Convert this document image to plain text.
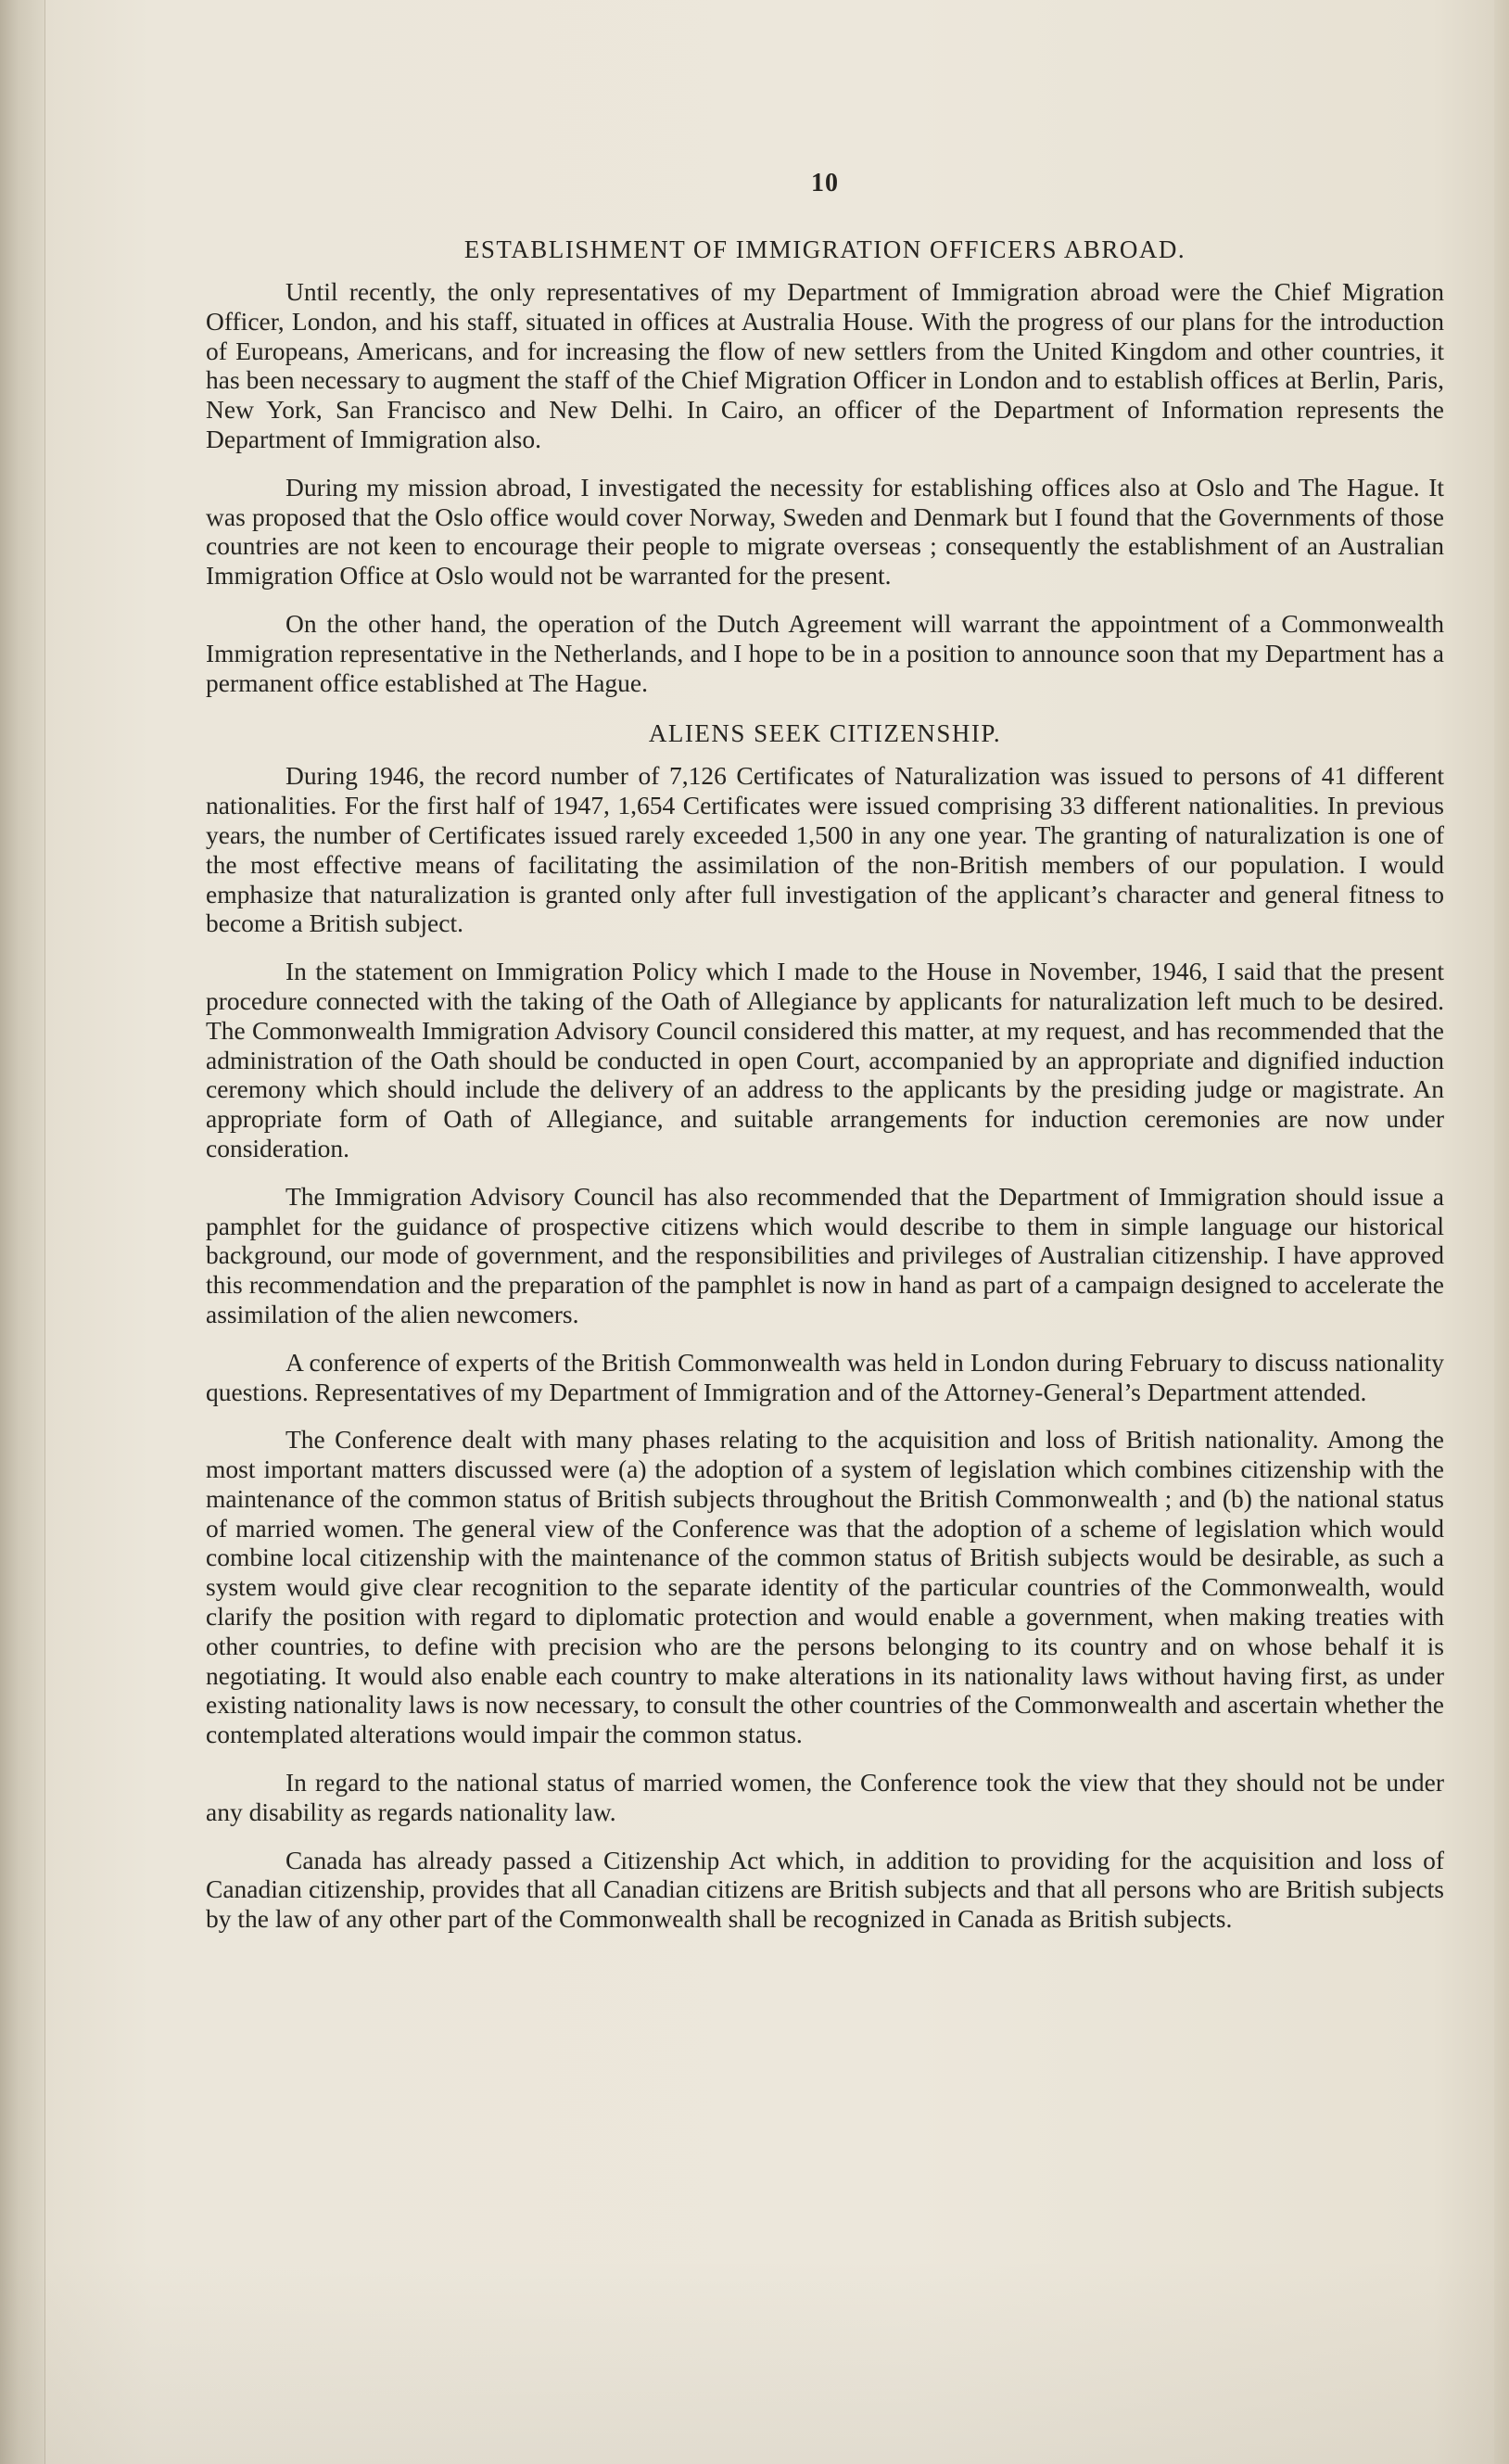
10
ESTABLISHMENT OF IMMIGRATION OFFICERS ABROAD.

Until recently, the only representatives of my Department of Immigration abroad were the Chief Migration Officer, London, and his staff, situated in offices at Australia House. With the progress of our plans for the introduction of Europeans, Americans, and for increasing the flow of new settlers from the United Kingdom and other countries, it has been necessary to augment the staff of the Chief Migration Officer in London and to establish offices at Berlin, Paris, New York, San Francisco and New Delhi. In Cairo, an officer of the Department of Information represents the Department of Immigration also.

During my mission abroad, I investigated the necessity for establishing offices also at Oslo and The Hague. It was proposed that the Oslo office would cover Norway, Sweden and Denmark but I found that the Governments of those countries are not keen to encourage their people to migrate overseas ; consequently the establishment of an Australian Immigration Office at Oslo would not be warranted for the present.

On the other hand, the operation of the Dutch Agreement will warrant the appointment of a Commonwealth Immigration representative in the Netherlands, and I hope to be in a position to announce soon that my Department has a permanent office established at The Hague.

ALIENS SEEK CITIZENSHIP.

During 1946, the record number of 7,126 Certificates of Naturalization was issued to persons of 41 different nationalities. For the first half of 1947, 1,654 Certificates were issued comprising 33 different nationalities. In previous years, the number of Certificates issued rarely exceeded 1,500 in any one year. The granting of naturalization is one of the most effective means of facilitating the assimilation of the non-British members of our population. I would emphasize that naturalization is granted only after full investigation of the applicant’s character and general fitness to become a British subject.

In the statement on Immigration Policy which I made to the House in November, 1946, I said that the present procedure connected with the taking of the Oath of Allegiance by applicants for naturalization left much to be desired. The Commonwealth Immigration Advisory Council considered this matter, at my request, and has recommended that the administration of the Oath should be conducted in open Court, accompanied by an appropriate and dignified induction ceremony which should include the delivery of an address to the applicants by the presiding judge or magistrate. An appropriate form of Oath of Allegiance, and suitable arrangements for induction ceremonies are now under consideration.

The Immigration Advisory Council has also recommended that the Department of Immigration should issue a pamphlet for the guidance of prospective citizens which would describe to them in simple language our historical background, our mode of government, and the responsibilities and privileges of Australian citizenship. I have approved this recommendation and the preparation of the pamphlet is now in hand as part of a campaign designed to accelerate the assimilation of the alien newcomers.

A conference of experts of the British Commonwealth was held in London during February to discuss nationality questions. Representatives of my Department of Immigration and of the Attorney-General’s Department attended.

The Conference dealt with many phases relating to the acquisition and loss of British nationality. Among the most important matters discussed were (a) the adoption of a system of legislation which combines citizenship with the maintenance of the common status of British subjects throughout the British Commonwealth ; and (b) the national status of married women. The general view of the Conference was that the adoption of a scheme of legislation which would combine local citizenship with the maintenance of the common status of British subjects would be desirable, as such a system would give clear recognition to the separate identity of the particular countries of the Commonwealth, would clarify the position with regard to diplomatic protection and would enable a government, when making treaties with other countries, to define with precision who are the persons belonging to its country and on whose behalf it is negotiating. It would also enable each country to make alterations in its nationality laws without having first, as under existing nationality laws is now necessary, to consult the other countries of the Commonwealth and ascertain whether the contemplated alterations would impair the common status.

In regard to the national status of married women, the Conference took the view that they should not be under any disability as regards nationality law.

Canada has already passed a Citizenship Act which, in addition to providing for the acquisition and loss of Canadian citizenship, provides that all Canadian citizens are British subjects and that all persons who are British subjects by the law of any other part of the Commonwealth shall be recognized in Canada as British subjects.
